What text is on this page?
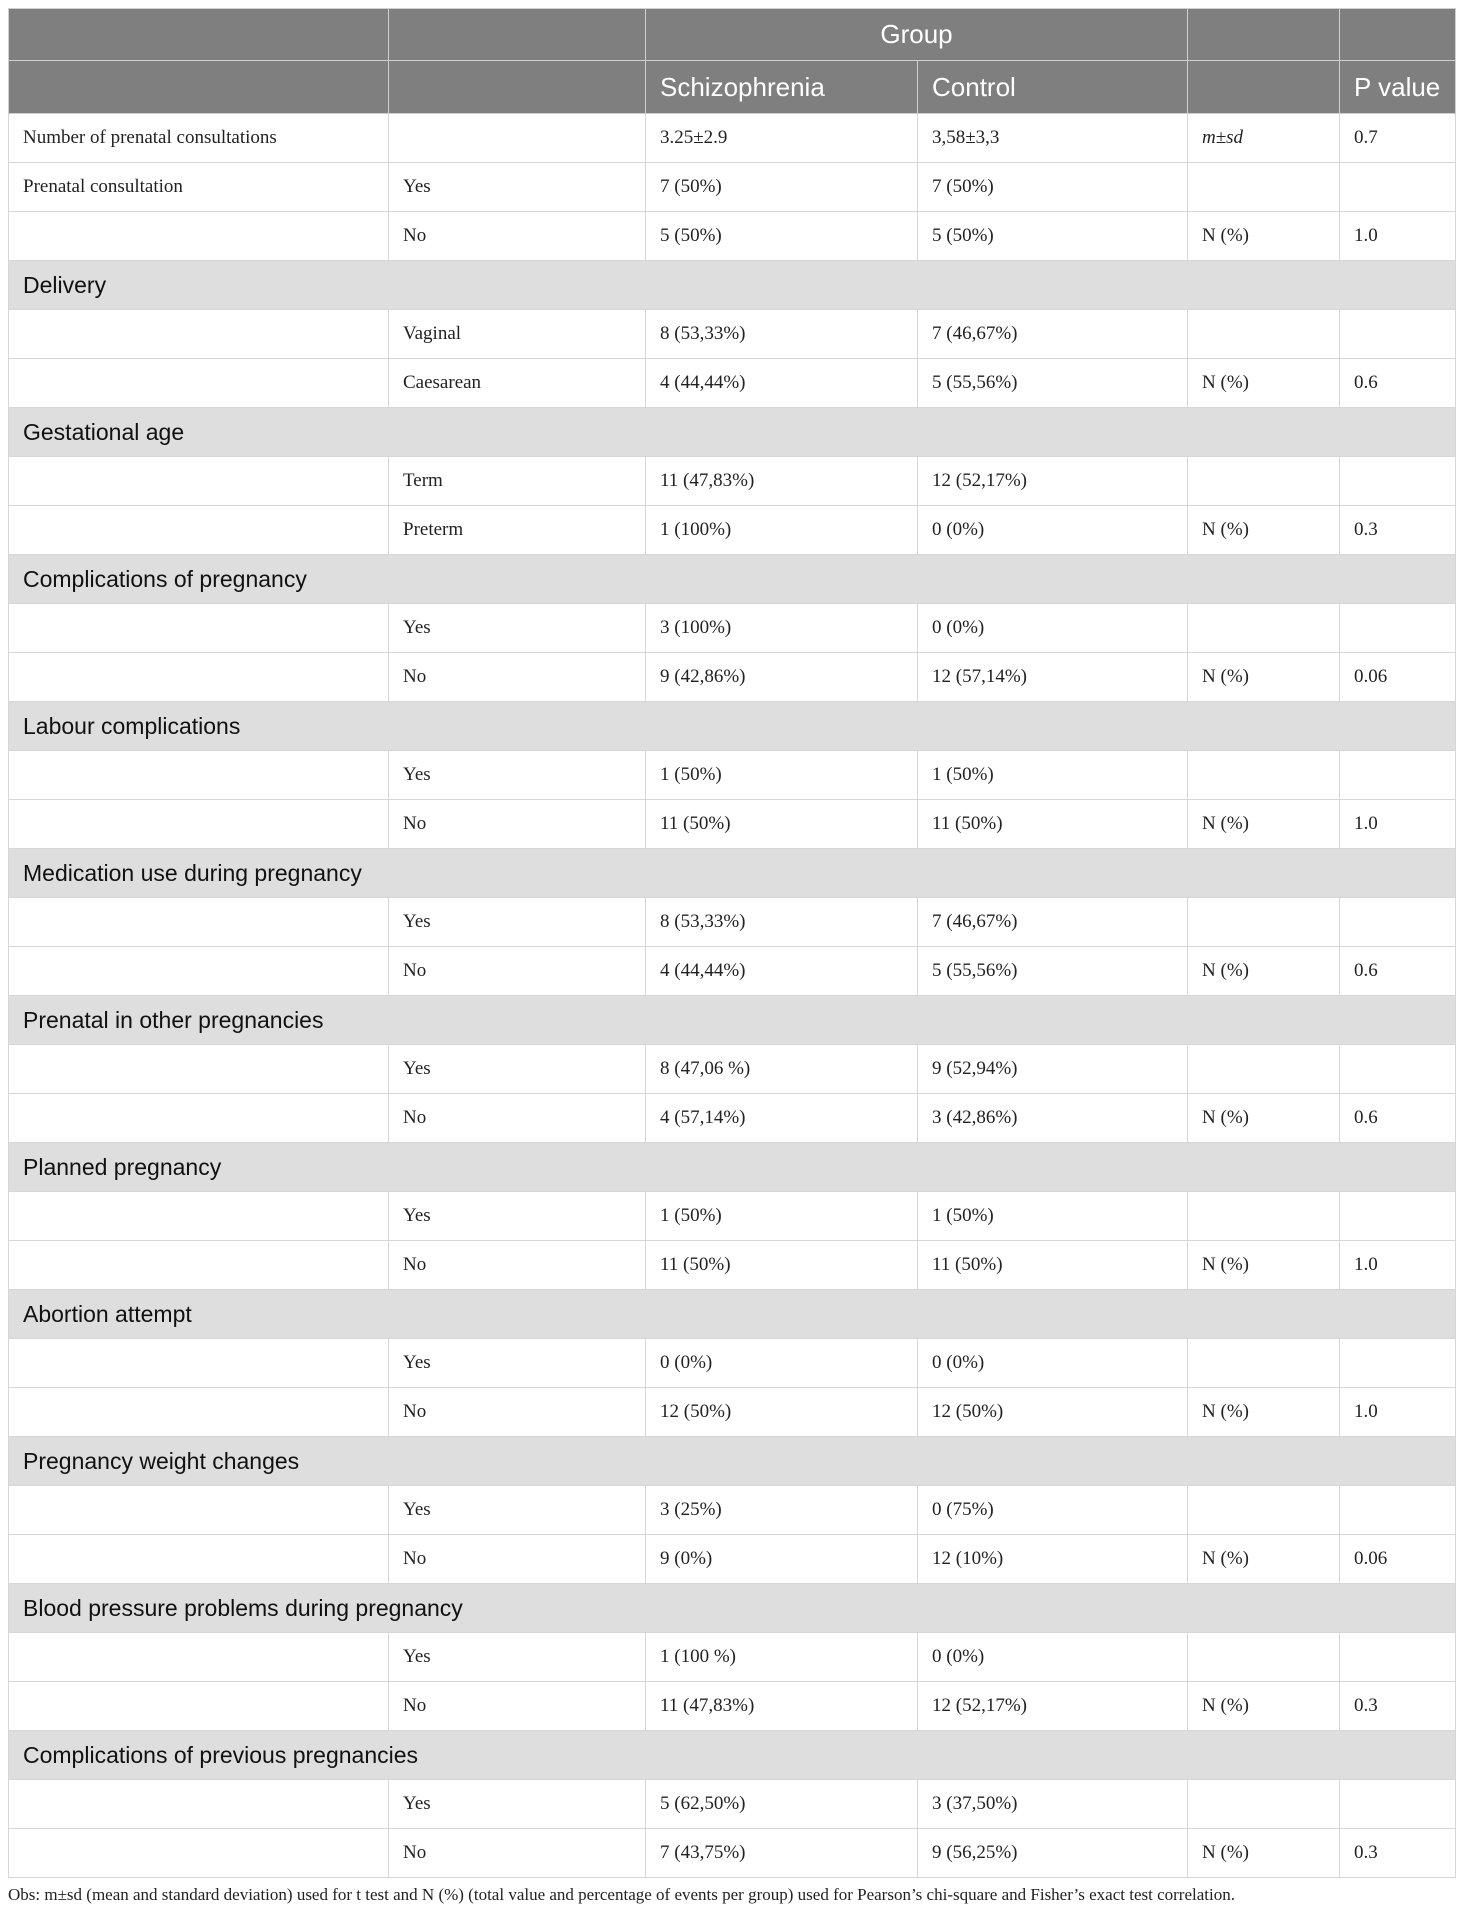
		Group			
		Schizophrenia	Control		P value
Number of prenatal consultations		3.25±2.9	3,58±3,3	m±sd	0.7
Prenatal consultation	Yes	7 (50%)	7 (50%)		
	No	5 (50%)	5 (50%)	N (%)	1.0
Delivery					
	Vaginal	8 (53,33%)	7 (46,67%)		
	Caesarean	4 (44,44%)	5 (55,56%)	N (%)	0.6
Gestational age					
	Term	11 (47,83%)	12 (52,17%)		
	Preterm	1 (100%)	0 (0%)	N (%)	0.3
Complications of pregnancy					
	Yes	3 (100%)	0 (0%)		
	No	9 (42,86%)	12 (57,14%)	N (%)	0.06
Labour complications					
	Yes	1 (50%)	1 (50%)		
	No	11 (50%)	11 (50%)	N (%)	1.0
Medication use during pregnancy					
	Yes	8 (53,33%)	7 (46,67%)		
	No	4 (44,44%)	5 (55,56%)	N (%)	0.6
Prenatal in other pregnancies					
	Yes	8 (47,06 %)	9 (52,94%)		
	No	4 (57,14%)	3 (42,86%)	N (%)	0.6
Planned pregnancy					
	Yes	1 (50%)	1 (50%)		
	No	11 (50%)	11 (50%)	N (%)	1.0
Abortion attempt					
	Yes	0 (0%)	0 (0%)		
	No	12 (50%)	12 (50%)	N (%)	1.0
Pregnancy weight changes					
	Yes	3 (25%)	0 (75%)		
	No	9 (0%)	12 (10%)	N (%)	0.06
Blood pressure problems during pregnancy					
	Yes	1 (100 %)	0 (0%)		
	No	11 (47,83%)	12 (52,17%)	N (%)	0.3
Complications of previous pregnancies					
	Yes	5 (62,50%)	3 (37,50%)		
	No	7 (43,75%)	9 (56,25%)	N (%)	0.3
Obs: m±sd (mean and standard deviation) used for t test and N (%) (total value and percentage of events per group) used for Pearson’s chi-square and Fisher’s exact test correlation.
